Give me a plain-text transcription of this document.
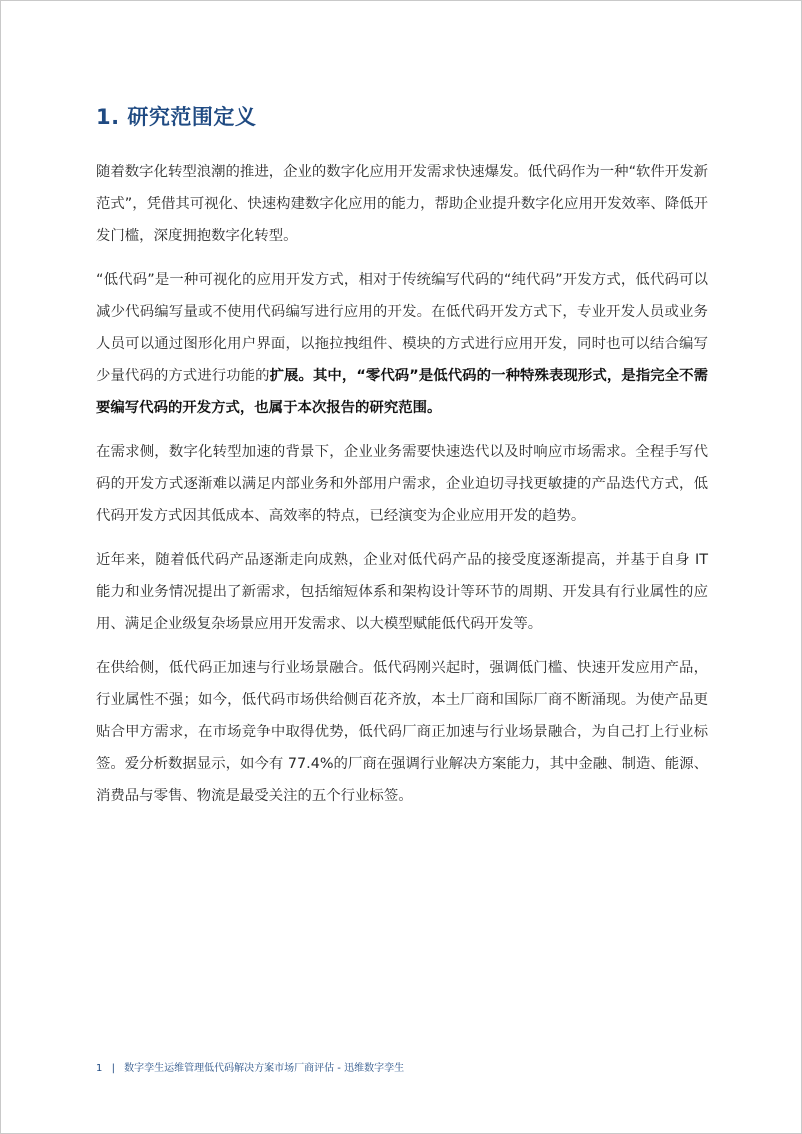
1. 研究范围定义

随着数字化转型浪潮的推进，企业的数字化应用开发需求快速爆发。低代码作为一种“软件开发新范式”，凭借其可视化、快速构建数字化应用的能力，帮助企业提升数字化应用开发效率、降低开发门槛，深度拥抱数字化转型。

“低代码”是一种可视化的应用开发方式，相对于传统编写代码的“纯代码”开发方式，低代码可以减少代码编写量或不使用代码编写进行应用的开发。在低代码开发方式下，专业开发人员或业务人员可以通过图形化用户界面，以拖拉拽组件、模块的方式进行应用开发，同时也可以结合编写少量代码的方式进行功能的扩展。其中，“零代码”是低代码的一种特殊表现形式，是指完全不需要编写代码的开发方式，也属于本次报告的研究范围。

在需求侧，数字化转型加速的背景下，企业业务需要快速迭代以及时响应市场需求。全程手写代码的开发方式逐渐难以满足内部业务和外部用户需求，企业迫切寻找更敏捷的产品迭代方式，低代码开发方式因其低成本、高效率的特点，已经演变为企业应用开发的趋势。

近年来，随着低代码产品逐渐走向成熟，企业对低代码产品的接受度逐渐提高，并基于自身 IT 能力和业务情况提出了新需求，包括缩短体系和架构设计等环节的周期、开发具有行业属性的应用、满足企业级复杂场景应用开发需求、以大模型赋能低代码开发等。

在供给侧，低代码正加速与行业场景融合。低代码刚兴起时，强调低门槛、快速开发应用产品，行业属性不强；如今，低代码市场供给侧百花齐放，本土厂商和国际厂商不断涌现。为使产品更贴合甲方需求，在市场竞争中取得优势，低代码厂商正加速与行业场景融合，为自己打上行业标签。爱分析数据显示，如今有 77.4%的厂商在强调行业解决方案能力，其中金融、制造、能源、消费品与零售、物流是最受关注的五个行业标签。

1 | 数字孪生运维管理低代码解决方案市场厂商评估 - 迅维数字孪生
